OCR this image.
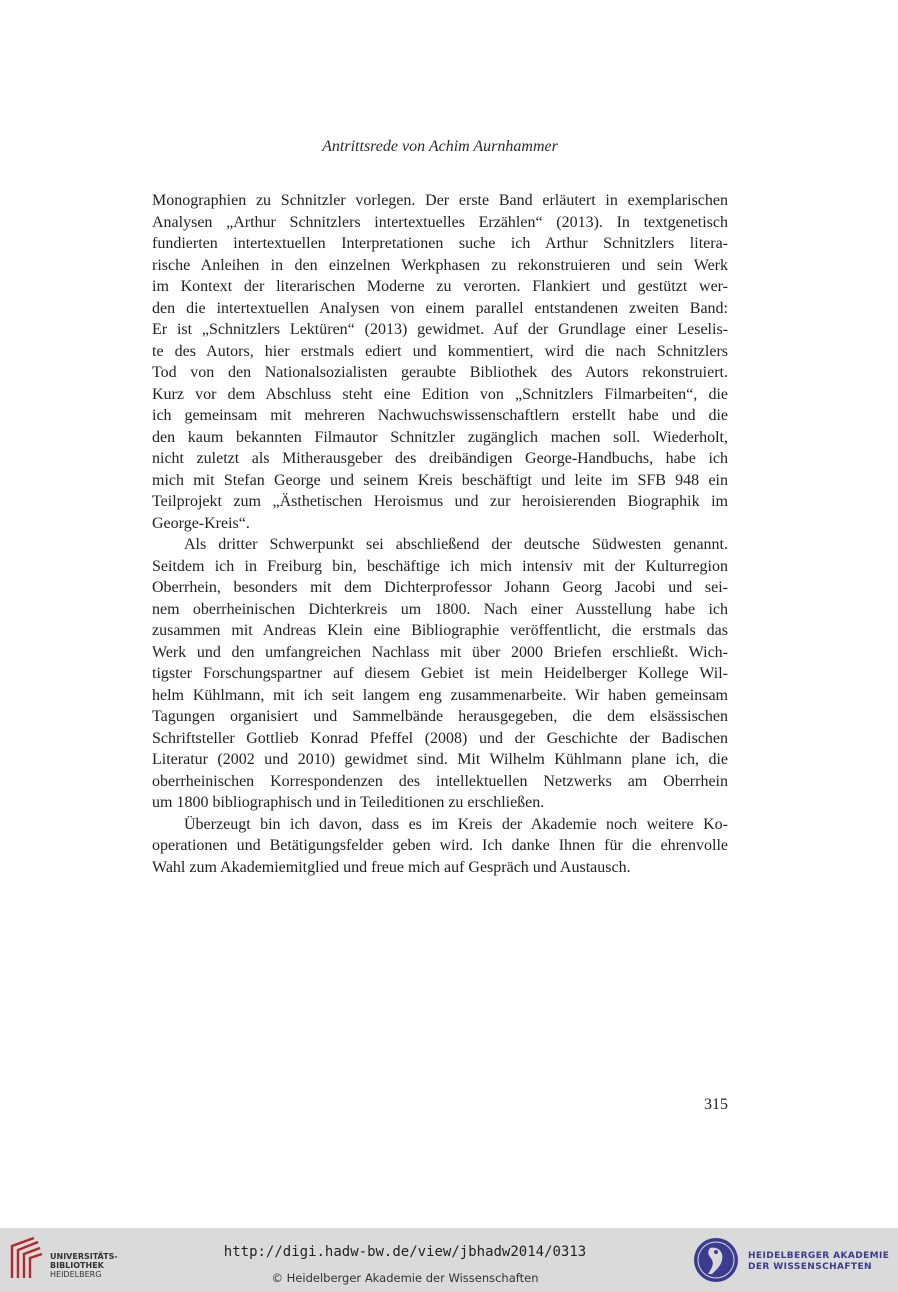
Antrittsrede von Achim Aurnhammer
Monographien zu Schnitzler vorlegen. Der erste Band erläutert in exemplarischen
Analysen „Arthur Schnitzlers intertextuelles Erzählen“ (2013). In textgenetisch
fundierten intertextuellen Interpretationen suche ich Arthur Schnitzlers litera-
rische Anleihen in den einzelnen Werkphasen zu rekonstruieren und sein Werk
im Kontext der literarischen Moderne zu verorten. Flankiert und gestützt wer-
den die intertextuellen Analysen von einem parallel entstandenen zweiten Band:
Er ist „Schnitzlers Lektüren“ (2013) gewidmet. Auf der Grundlage einer Leselis-
te des Autors, hier erstmals ediert und kommentiert, wird die nach Schnitzlers
Tod von den Nationalsozialisten geraubte Bibliothek des Autors rekonstruiert.
Kurz vor dem Abschluss steht eine Edition von „Schnitzlers Filmarbeiten“, die
ich gemeinsam mit mehreren Nachwuchswissenschaftlern erstellt habe und die
den kaum bekannten Filmautor Schnitzler zugänglich machen soll. Wiederholt,
nicht zuletzt als Mitherausgeber des dreibändigen George-Handbuchs, habe ich
mich mit Stefan George und seinem Kreis beschäftigt und leite im SFB 948 ein
Teilprojekt zum „Ästhetischen Heroismus und zur heroisierenden Biographik im
George-Kreis“.
Als dritter Schwerpunkt sei abschließend der deutsche Südwesten genannt.
Seitdem ich in Freiburg bin, beschäftige ich mich intensiv mit der Kulturregion
Oberrhein, besonders mit dem Dichterprofessor Johann Georg Jacobi und sei-
nem oberrheinischen Dichterkreis um 1800. Nach einer Ausstellung habe ich
zusammen mit Andreas Klein eine Bibliographie veröffentlicht, die erstmals das
Werk und den umfangreichen Nachlass mit über 2000 Briefen erschließt. Wich-
tigster Forschungspartner auf diesem Gebiet ist mein Heidelberger Kollege Wil-
helm Kühlmann, mit ich seit langem eng zusammenarbeite. Wir haben gemeinsam
Tagungen organisiert und Sammelbände herausgegeben, die dem elsässischen
Schriftsteller Gottlieb Konrad Pfeffel (2008) und der Geschichte der Badischen
Literatur (2002 und 2010) gewidmet sind. Mit Wilhelm Kühlmann plane ich, die
oberrheinischen Korrespondenzen des intellektuellen Netzwerks am Oberrhein
um 1800 bibliographisch und in Teileditionen zu erschließen.
Überzeugt bin ich davon, dass es im Kreis der Akademie noch weitere Ko-
operationen und Betätigungsfelder geben wird. Ich danke Ihnen für die ehrenvolle
Wahl zum Akademiemitglied und freue mich auf Gespräch und Austausch.
315
UNIVERSITÄTS-
BIBLIOTHEK
HEIDELBERG
http://digi.hadw-bw.de/view/jbhadw2014/0313
© Heidelberger Akademie der Wissenschaften
HEIDELBERGER AKADEMIE
DER WISSENSCHAFTEN
